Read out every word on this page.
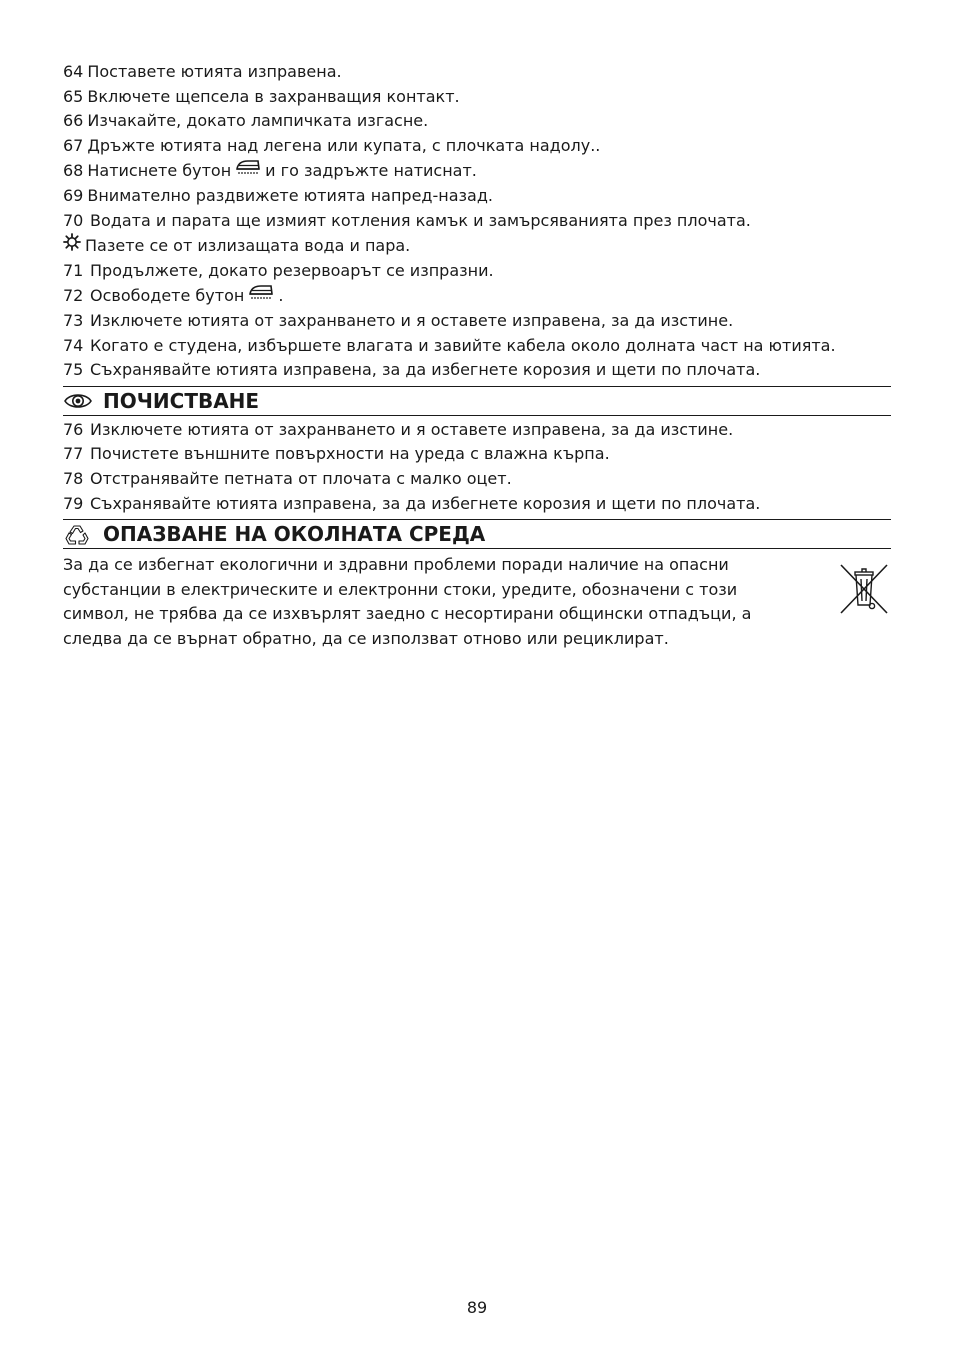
64 Поставете ютията изправена.
65 Включете щепсела в захранващия контакт.
66 Изчакайте, докато лампичката изгасне.
67 Дръжте ютията над легена или купата, с плочката надолу..
68 Натиснете бутон и го задръжте натиснат.
69 Внимателно раздвижете ютията напред-назад.
70 Водата и парата ще измият котления камък и замърсяванията през плочата.
Пазете се от излизащата вода и пара.
71 Продължете, докато резервоарът се изпразни.
72 Освободете бутон .
73 Изключете ютията от захранването и я оставете изправена, за да изстине.
74 Когато е студена, избършете влагата и завийте кабела около долната част на ютията.
75 Съхранявайте ютията изправена, за да избегнете корозия и щети по плочата.
ПОЧИСТВАНЕ
76 Изключете ютията от захранването и я оставете изправена, за да изстине.
77 Почистете външните повърхности на уреда с влажна кърпа.
78 Отстранявайте петната от плочата с малко оцет.
79 Съхранявайте ютията изправена, за да избегнете корозия и щети по плочата.
ОПАЗВАНЕ НА ОКОЛНАТА СРЕДА
За да се избегнат екологични и здравни проблеми поради наличие на опасни
субстанции в електрическите и електронни стоки, уредите, обозначени с този
символ, не трябва да се изхвърлят заедно с несортирани общински отпадъци, а
следва да се върнат обратно, да се използват отново или рециклират.
89
